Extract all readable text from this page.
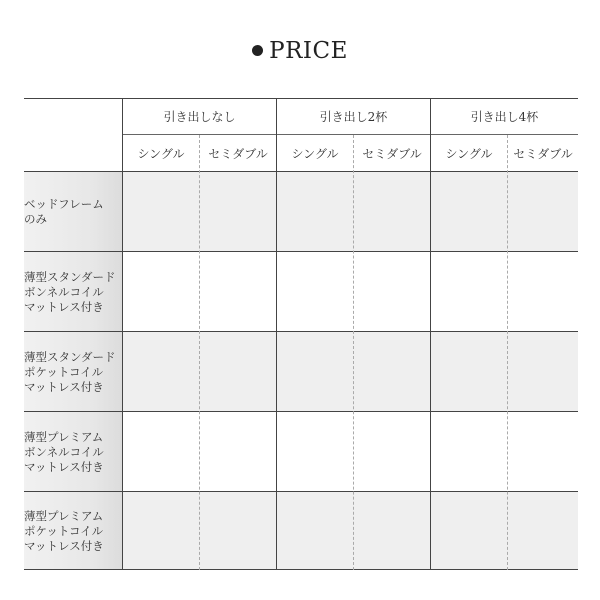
PRICE
引き出しなし	引き出し2杯	引き出し4杯
シングル	セミダブル	シングル	セミダブル	シングル	セミダブル
ベッドフレーム
のみ
薄型スタンダード
ボンネルコイル
マットレス付き
薄型スタンダード
ポケットコイル
マットレス付き
薄型プレミアム
ボンネルコイル
マットレス付き
薄型プレミアム
ポケットコイル
マットレス付き
